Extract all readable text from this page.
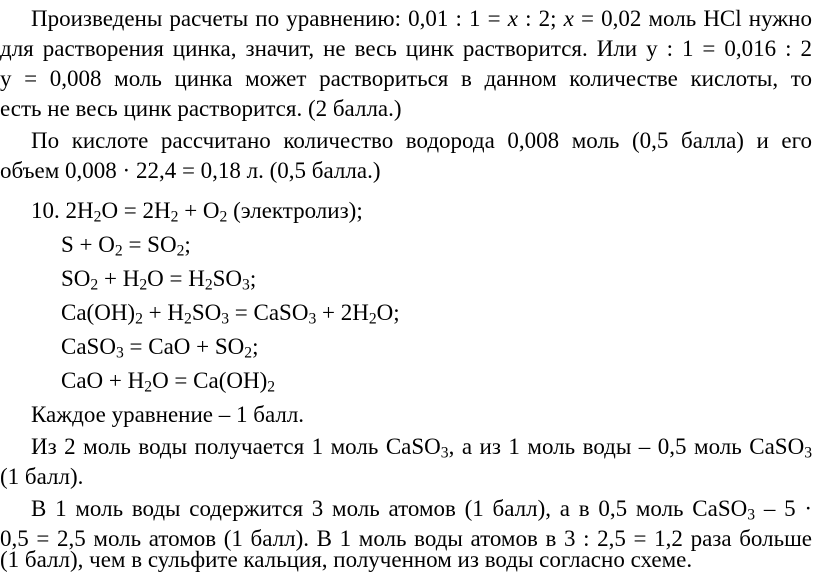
Произведены расчеты по уравнению: 0,01 : 1 = x : 2; x = 0,02 моль HCl нужно
для растворения цинка, значит, не весь цинк растворится. Или у : 1 = 0,016 : 2
у = 0,008 моль цинка может раствориться в данном количестве кислоты, то
есть не весь цинк растворится. (2 балла.)
По кислоте рассчитано количество водорода 0,008 моль (0,5 балла) и его
объем 0,008 · 22,4 = 0,18 л. (0,5 балла.)
10. $2H_2O = 2H_2 + O_2$ (электролиз);
$S + O_2 = SO_2$;
$SO_2 + H_2O = H_2SO_3$;
$Ca(OH)_2 + H_2SO_3$ = CaSO$_3$ + $2H_2O$;
CaSO$_3$ = CaO + $SO_2$;
CaO + $H_2O = Ca(OH)_2$
Каждое уравнение – 1 балл.
Из 2 моль воды получается 1 моль CaSO$_3$, а из 1 моль воды – 0,5 моль CaSO$_3$
(1 балл).
В 1 моль воды содержится 3 моль атомов (1 балл), а в 0,5 моль CaSO$_3$ – 5 ·
0,5 = 2,5 моль атомов (1 балл). В 1 моль воды атомов в 3 : 2,5 = 1,2 раза больше
(1 балл), чем в сульфите кальция, полученном из воды согласно схеме.
